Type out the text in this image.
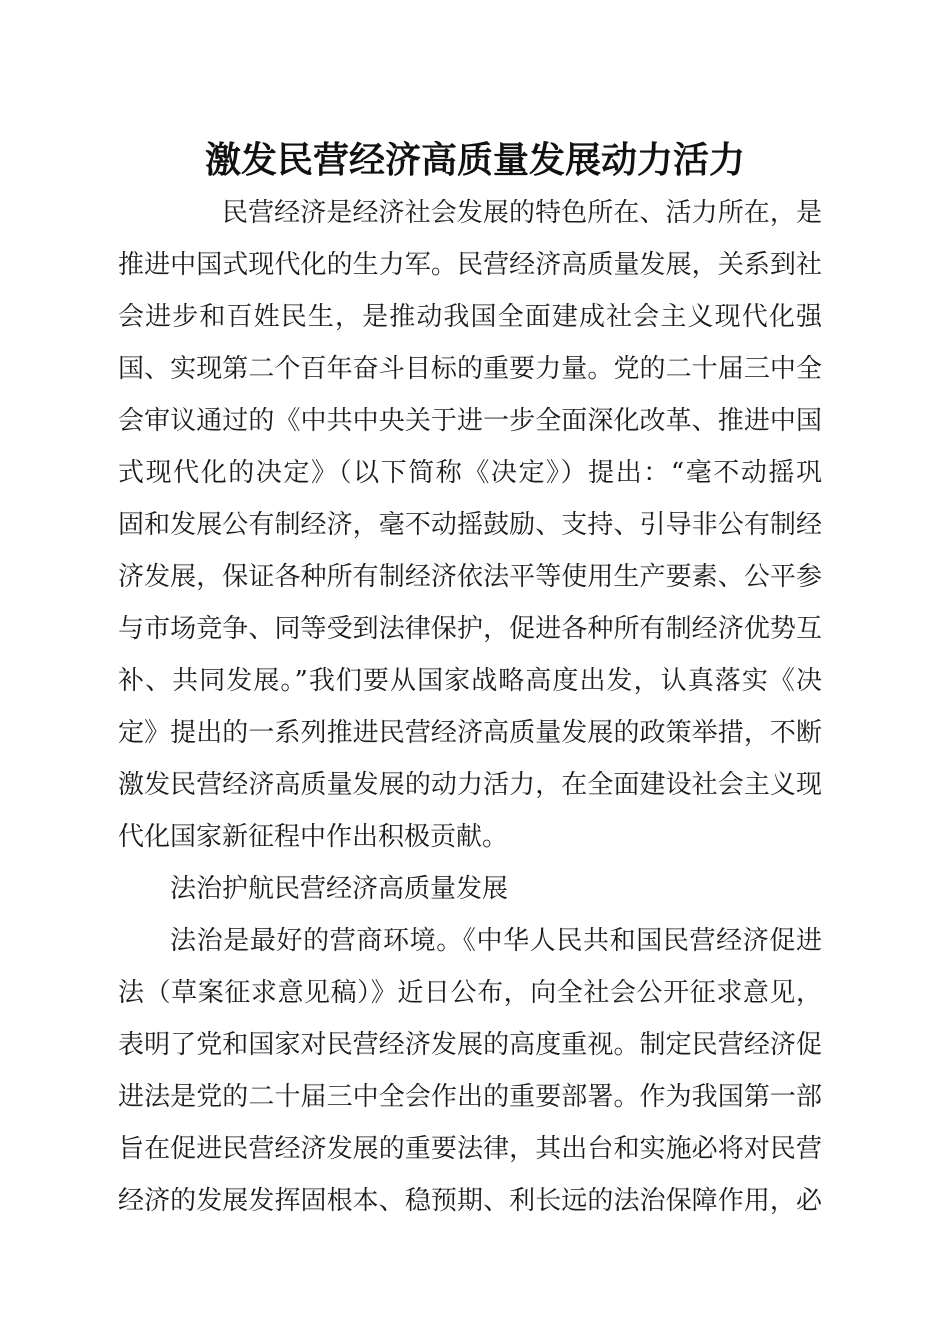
激发民营经济高质量发展动力活力
民营经济是经济社会发展的特色所在、活力所在，是
推进中国式现代化的生力军。民营经济高质量发展，关系到社
会进步和百姓民生，是推动我国全面建成社会主义现代化强
国、实现第二个百年奋斗目标的重要力量。党的二十届三中全
会审议通过的《中共中央关于进一步全面深化改革、推进中国
式现代化的决定》（以下简称《决定》）提出：“毫不动摇巩
固和发展公有制经济，毫不动摇鼓励、支持、引导非公有制经
济发展，保证各种所有制经济依法平等使用生产要素、公平参
与市场竞争、同等受到法律保护，促进各种所有制经济优势互
补、共同发展。”我们要从国家战略高度出发，认真落实《决
定》提出的一系列推进民营经济高质量发展的政策举措，不断
激发民营经济高质量发展的动力活力，在全面建设社会主义现
代化国家新征程中作出积极贡献。
法治护航民营经济高质量发展
法治是最好的营商环境。《中华人民共和国民营经济促进
法（草案征求意见稿）》近日公布，向全社会公开征求意见，
表明了党和国家对民营经济发展的高度重视。制定民营经济促
进法是党的二十届三中全会作出的重要部署。作为我国第一部
旨在促进民营经济发展的重要法律，其出台和实施必将对民营
经济的发展发挥固根本、稳预期、利长远的法治保障作用，必
